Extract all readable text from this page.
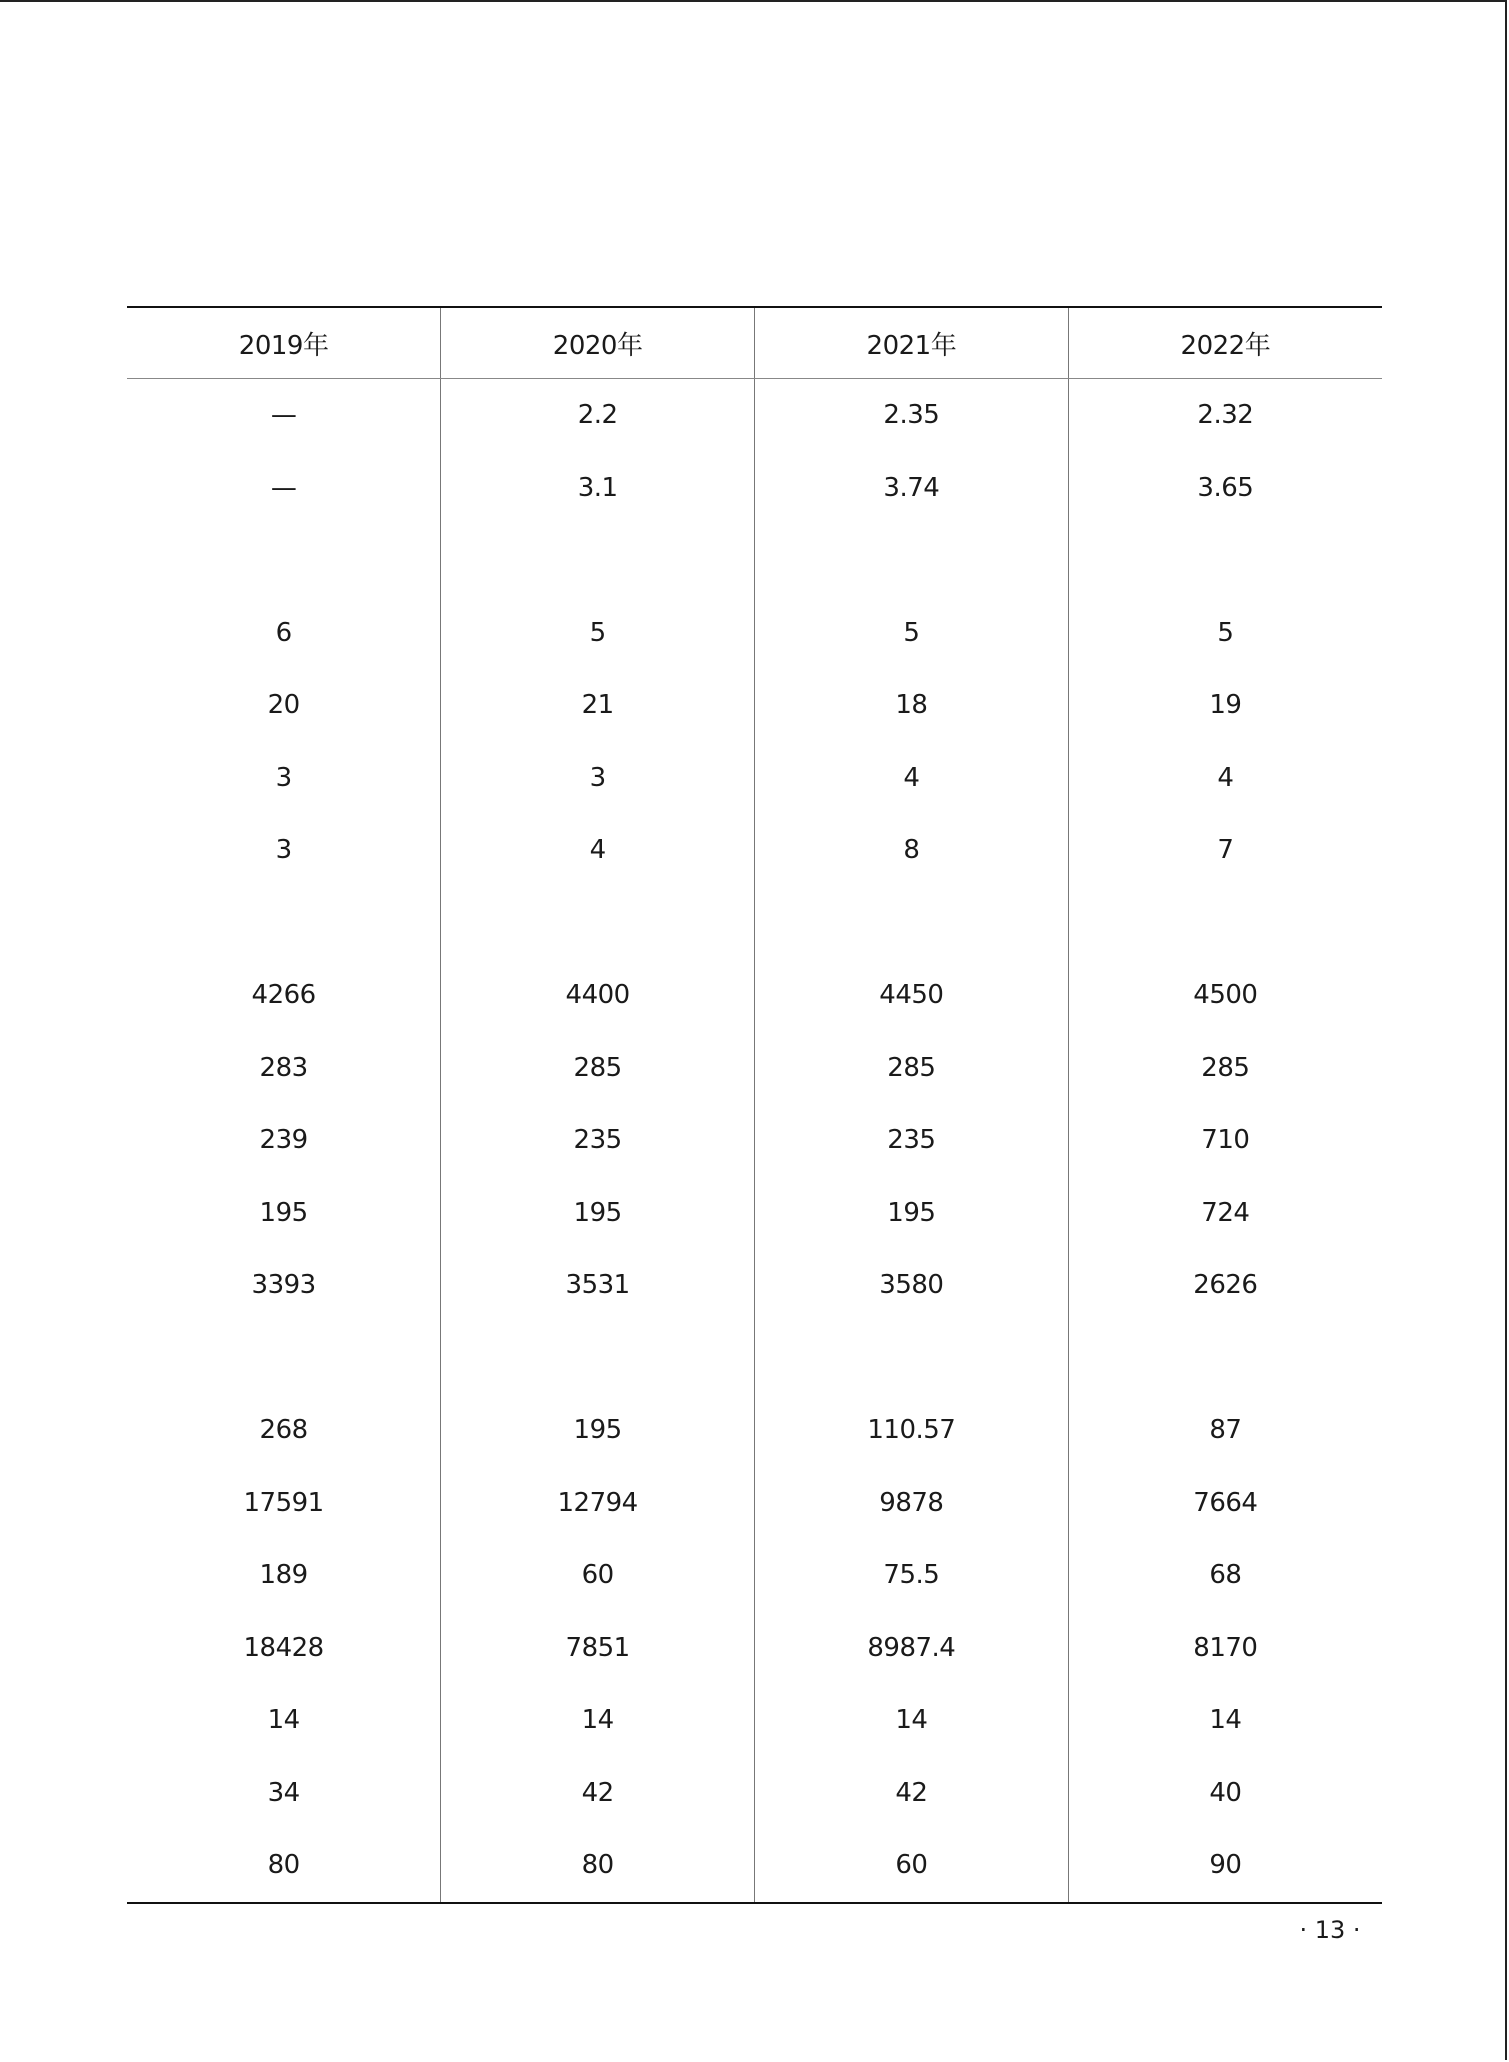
2019年	2020年	2021年	2022年
—	2.2	2.35	2.32
—	3.1	3.74	3.65

6	5	5	5
20	21	18	19
3	3	4	4
3	4	8	7

4266	4400	4450	4500
283	285	285	285
239	235	235	710
195	195	195	724
3393	3531	3580	2626

268	195	110.57	87
17591	12794	9878	7664
189	60	75.5	68
18428	7851	8987.4	8170
14	14	14	14
34	42	42	40
80	80	60	90
· 13 ·
